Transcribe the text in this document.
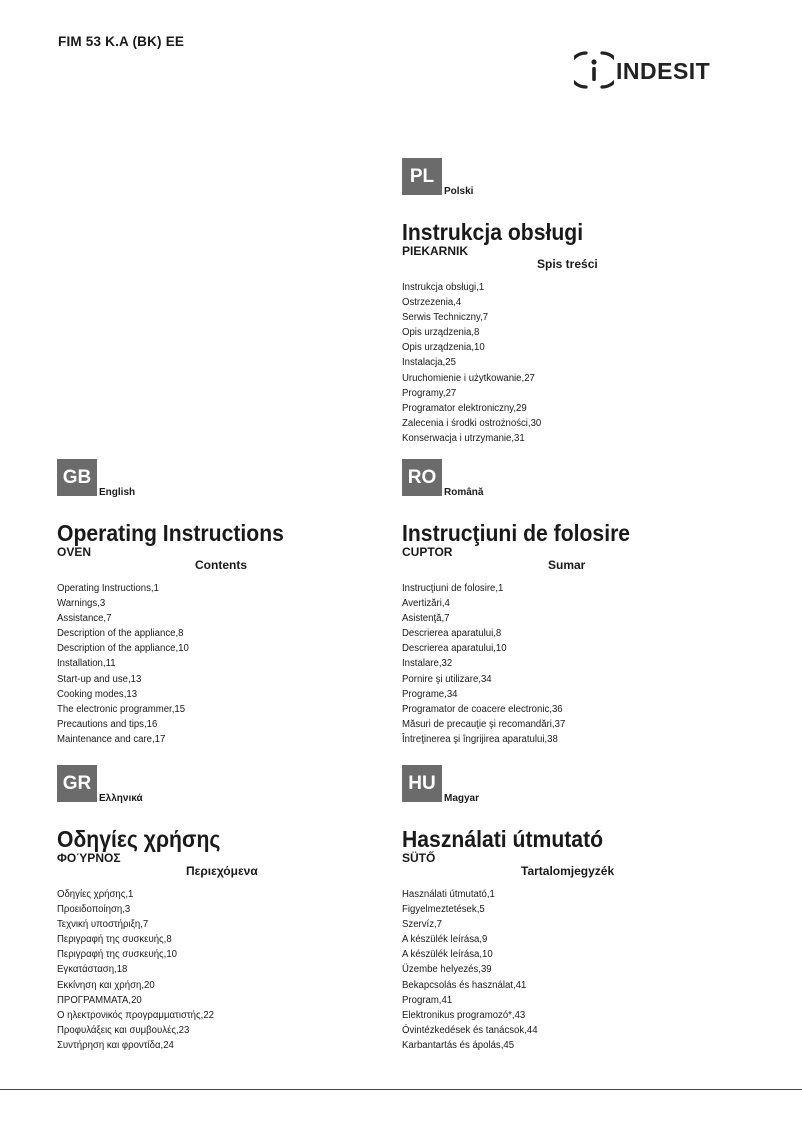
FIM 53 K.A (BK) EE
INDESIT
PL
Polski
Instrukcja obsługi
PIEKARNIK
Spis treści
Instrukcja obsługi,1
Ostrzezenia,4
Serwis Techniczny,7
Opis urządzenia,8
Opis urządzenia,10
Instalacja,25
Uruchomienie i użytkowanie,27
Programy,27
Programator elektroniczny,29
Zalecenia i środki ostrożności,30
Konserwacja i utrzymanie,31
GB
English
Operating Instructions
OVEN
Contents
Operating Instructions,1
Warnings,3
Assistance,7
Description of the appliance,8
Description of the appliance,10
Installation,11
Start-up and use,13
Cooking modes,13
The electronic programmer,15
Precautions and tips,16
Maintenance and care,17
RO
Română
Instrucţiuni de folosire
CUPTOR
Sumar
Instrucţiuni de folosire,1
Avertizări,4
Asistenţă,7
Descrierea aparatului,8
Descrierea aparatului,10
Instalare,32
Pornire şi utilizare,34
Programe,34
Programator de coacere electronic,36
Măsuri de precauţie şi recomandări,37
Întreţinerea şi îngrijirea aparatului,38
GR
Ελληνικά
Οδηγίες χρήσης
ΦΟΎΡΝΟΣ
Περιεχόμενα
Οδηγίες χρήσης,1
Προειδοποίηση,3
Τεχνική υποστήριξη,7
Περιγραφή της συσκευής,8
Περιγραφή της συσκευής,10
Εγκατάσταση,18
Εκκίνηση και χρήση,20
ΠΡΟΓΡΑΜΜΑΤΑ,20
Ο ηλεκτρονικός προγραμματιστής,22
Προφυλάξεις και συμβουλές,23
Συντήρηση και φροντίδα,24
HU
Magyar
Használati útmutató
SÜTŐ
Tartalomjegyzék
Használati útmutató,1
Figyelmeztetések,5
Szervíz,7
A készülék leírása,9
A készülék leírása,10
Üzembe helyezés,39
Bekapcsolás és használat,41
Program,41
Elektronikus programozó*,43
Óvintézkedések és tanácsok,44
Karbantartás és ápolás,45
